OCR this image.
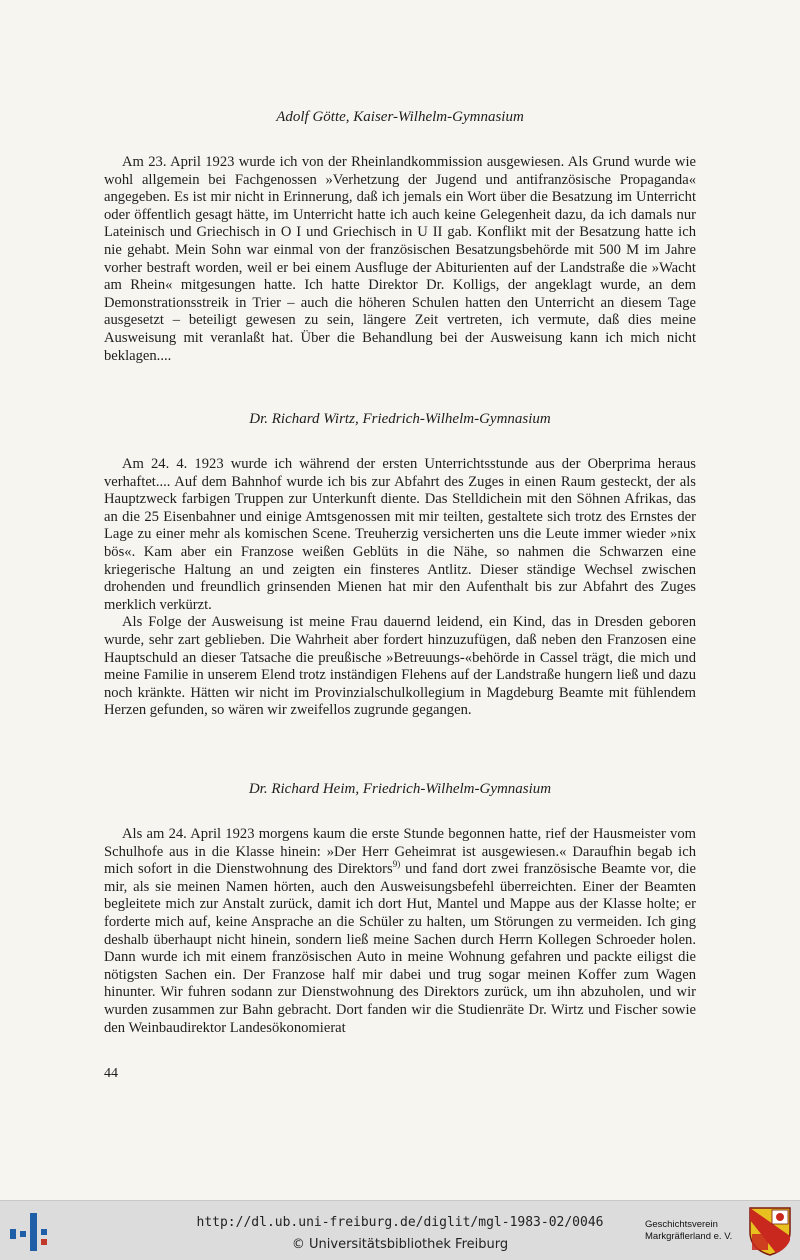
Adolf Götte, Kaiser-Wilhelm-Gymnasium

Am 23. April 1923 wurde ich von der Rheinlandkommission ausgewiesen. Als Grund wurde wie wohl allgemein bei Fachgenossen »Verhetzung der Jugend und antifranzösische Propaganda« angegeben. Es ist mir nicht in Erinnerung, daß ich jemals ein Wort über die Besatzung im Unterricht oder öffentlich gesagt hätte, im Unterricht hatte ich auch keine Gelegenheit dazu, da ich damals nur Lateinisch und Griechisch in O I und Griechisch in U II gab. Konflikt mit der Besatzung hatte ich nie gehabt. Mein Sohn war einmal von der französischen Besatzungsbehörde mit 500 M im Jahre vorher bestraft worden, weil er bei einem Ausfluge der Abiturienten auf der Landstraße die »Wacht am Rhein« mitgesungen hatte. Ich hatte Direktor Dr. Kolligs, der angeklagt wurde, an dem Demonstrationsstreik in Trier – auch die höheren Schulen hatten den Unterricht an diesem Tage ausgesetzt – beteiligt gewesen zu sein, längere Zeit vertreten, ich vermute, daß dies meine Ausweisung mit veranlaßt hat. Über die Behandlung bei der Ausweisung kann ich mich nicht beklagen....

Dr. Richard Wirtz, Friedrich-Wilhelm-Gymnasium

Am 24. 4. 1923 wurde ich während der ersten Unterrichtsstunde aus der Oberprima heraus verhaftet.... Auf dem Bahnhof wurde ich bis zur Abfahrt des Zuges in einen Raum gesteckt, der als Hauptzweck farbigen Truppen zur Unterkunft diente. Das Stelldichein mit den Söhnen Afrikas, das an die 25 Eisenbahner und einige Amtsgenossen mit mir teilten, gestaltete sich trotz des Ernstes der Lage zu einer mehr als komischen Scene. Treuherzig versicherten uns die Leute immer wieder »nix bös«. Kam aber ein Franzose weißen Geblüts in die Nähe, so nahmen die Schwarzen eine kriegerische Haltung an und zeigten ein finsteres Antlitz. Dieser ständige Wechsel zwischen drohenden und freundlich grinsenden Mienen hat mir den Aufenthalt bis zur Abfahrt des Zuges merklich verkürzt.

Als Folge der Ausweisung ist meine Frau dauernd leidend, ein Kind, das in Dresden geboren wurde, sehr zart geblieben. Die Wahrheit aber fordert hinzuzufügen, daß neben den Franzosen eine Hauptschuld an dieser Tatsache die preußische »Betreuungs-«behörde in Cassel trägt, die mich und meine Familie in unserem Elend trotz inständigen Flehens auf der Landstraße hungern ließ und dazu noch kränkte. Hätten wir nicht im Provinzialschulkollegium in Magdeburg Beamte mit fühlendem Herzen gefunden, so wären wir zweifellos zugrunde gegangen.

Dr. Richard Heim, Friedrich-Wilhelm-Gymnasium

Als am 24. April 1923 morgens kaum die erste Stunde begonnen hatte, rief der Hausmeister vom Schulhofe aus in die Klasse hinein: »Der Herr Geheimrat ist ausgewiesen.« Daraufhin begab ich mich sofort in die Dienstwohnung des Direktors$^{9)}$ und fand dort zwei französische Beamte vor, die mir, als sie meinen Namen hörten, auch den Ausweisungsbefehl überreichten. Einer der Beamten begleitete mich zur Anstalt zurück, damit ich dort Hut, Mantel und Mappe aus der Klasse holte; er forderte mich auf, keine Ansprache an die Schüler zu halten, um Störungen zu vermeiden. Ich ging deshalb überhaupt nicht hinein, sondern ließ meine Sachen durch Herrn Kollegen Schroeder holen. Dann wurde ich mit einem französischen Auto in meine Wohnung gefahren und packte eiligst die nötigsten Sachen ein. Der Franzose half mir dabei und trug sogar meinen Koffer zum Wagen hinunter. Wir fuhren sodann zur Dienstwohnung des Direktors zurück, um ihn abzuholen, und wir wurden zusammen zur Bahn gebracht. Dort fanden wir die Studienräte Dr. Wirtz und Fischer sowie den Weinbaudirektor Landesökonomierat

44
http://dl.ub.uni-freiburg.de/diglit/mgl-1983-02/0046
© Universitätsbibliothek Freiburg
Geschichtsverein
Markgräflerland e. V.
